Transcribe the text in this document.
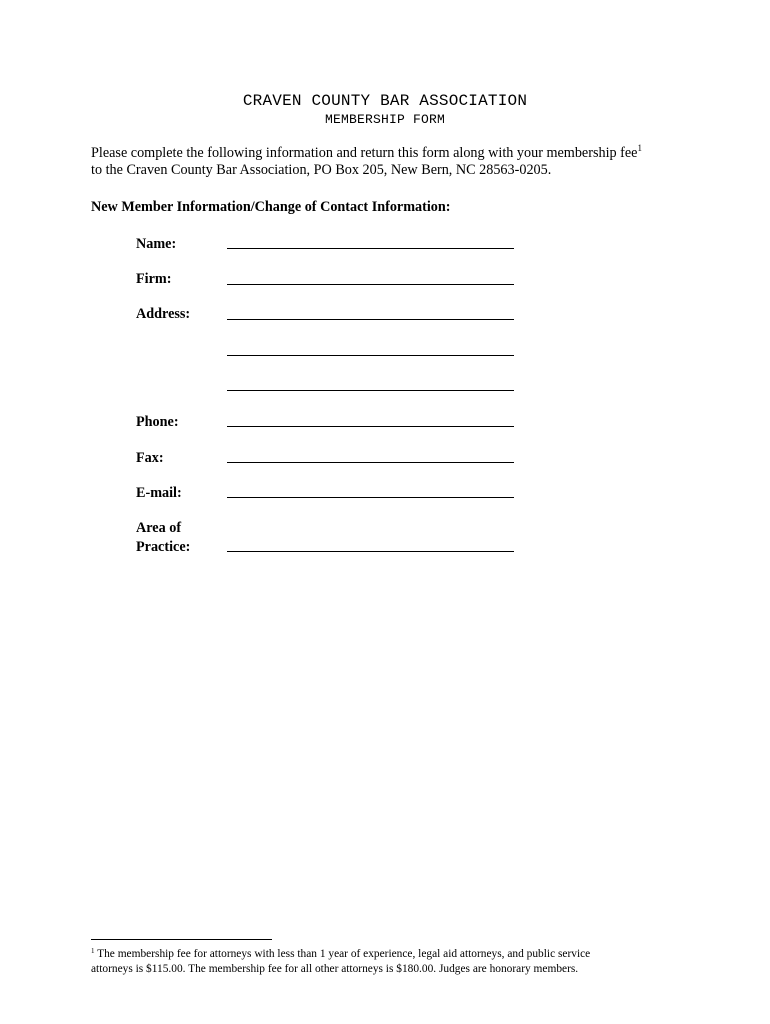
CRAVEN COUNTY BAR ASSOCIATION
MEMBERSHIP FORM
Please complete the following information and return this form along with your membership fee$^1$
to the Craven County Bar Association, PO Box 205, New Bern, NC 28563-0205.
New Member Information/Change of Contact Information:
Name:
Firm:
Address:
Phone:
Fax:
E-mail:
Area of
Practice:
$^1$ The membership fee for attorneys with less than 1 year of experience, legal aid attorneys, and public service
attorneys is $115.00. The membership fee for all other attorneys is $180.00. Judges are honorary members.
